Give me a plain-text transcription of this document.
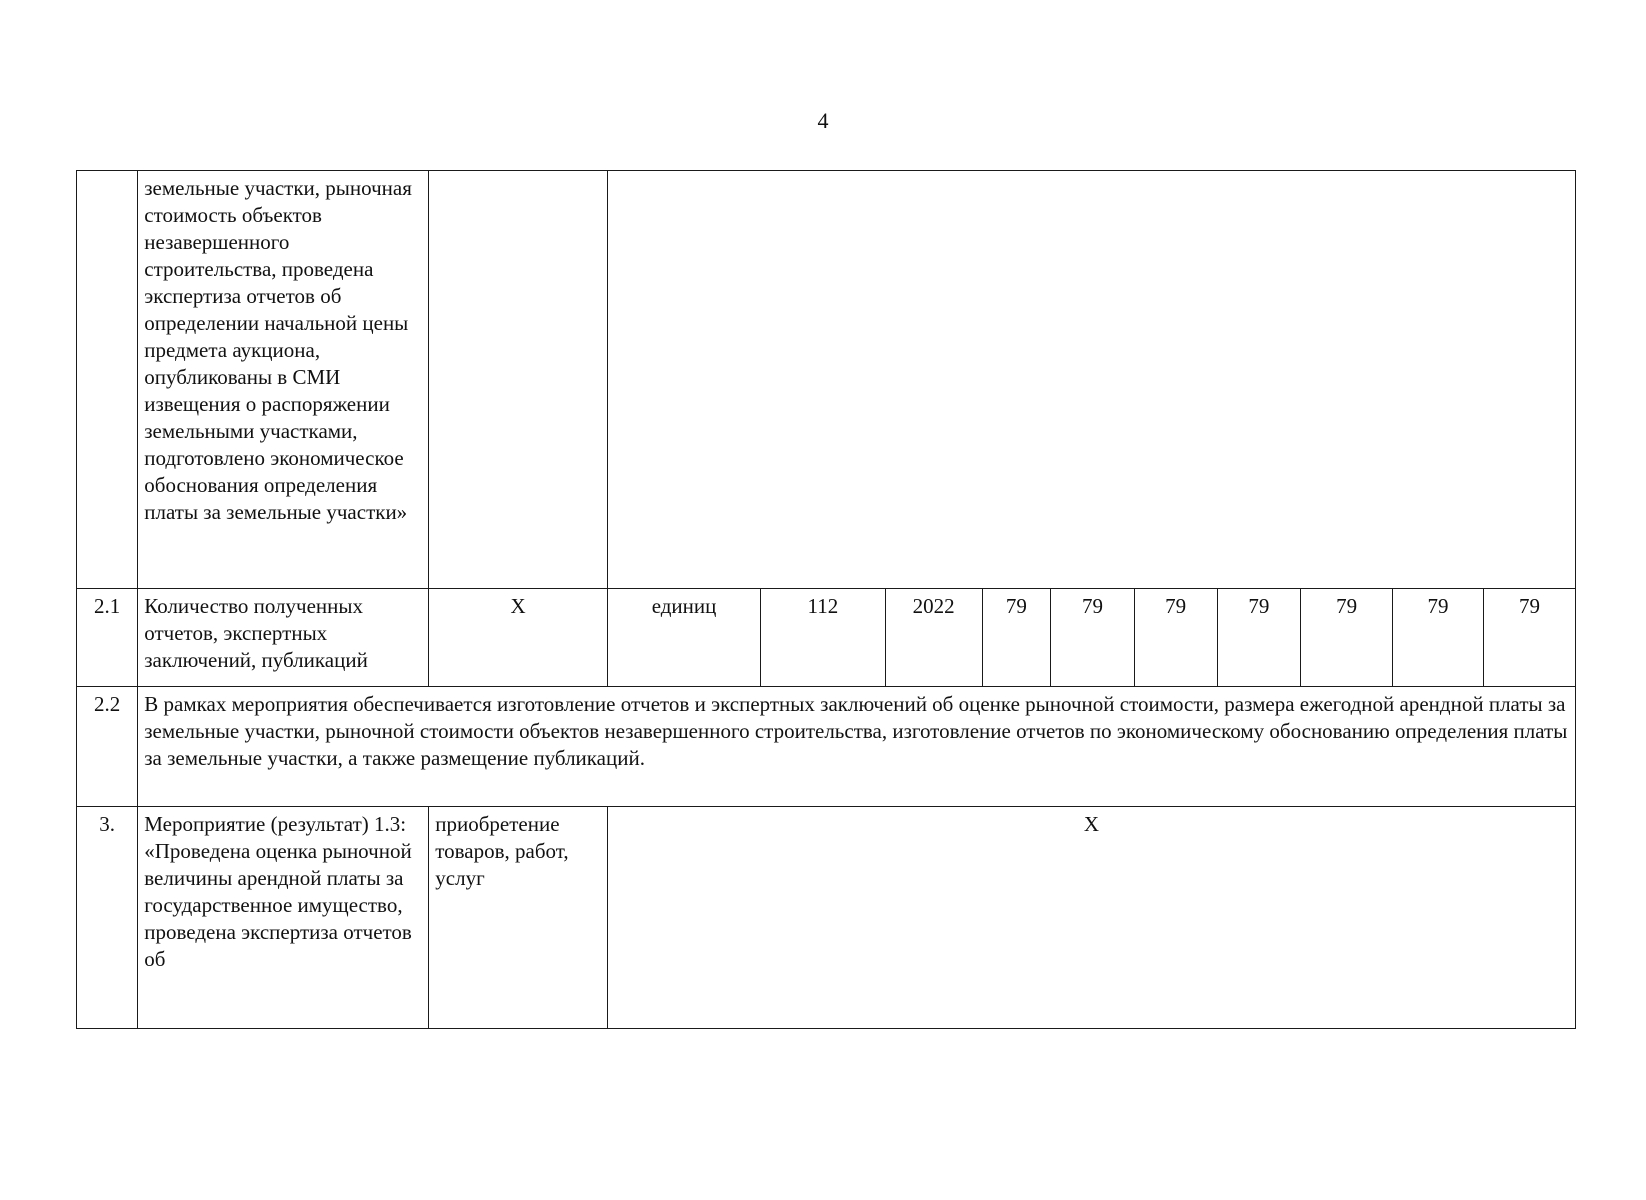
4
	земельные участки, рыночная стоимость объектов незавершенного строительства, проведена экспертиза отчетов об определении начальной цены предмета аукциона, опубликованы в СМИ извещения о распоряжении земельными участками, подготовлено экономическое обоснования определения платы за земельные участки»											
2.1	Количество полученных отчетов, экспертных заключений, публикаций	X	единиц	112	2022	79	79	79	79	79	79	79
2.2	В рамках мероприятия обеспечивается изготовление отчетов и экспертных заключений об оценке рыночной стоимости, размера ежегодной арендной платы за земельные участки, рыночной стоимости объектов незавершенного строительства, изготовление отчетов по экономическому обоснованию определения платы за земельные участки, а также размещение публикаций.											
3.	Мероприятие (результат) 1.3: «Проведена оценка рыночной величины арендной платы за государственное имущество, проведена экспертиза отчетов об	приобретение товаров, работ, услуг	X									
